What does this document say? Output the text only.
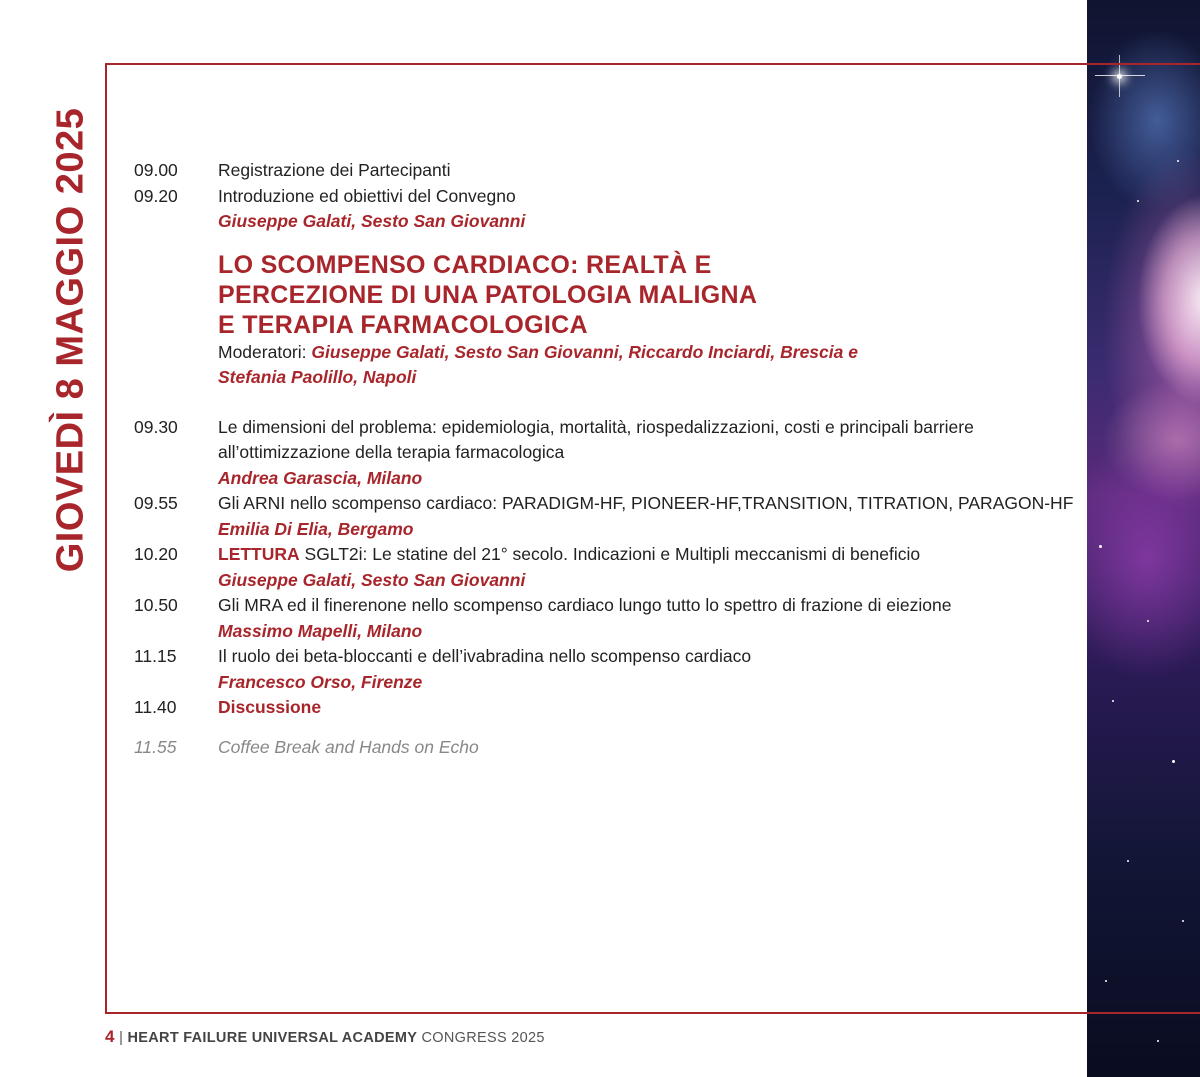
GIOVEDÌ 8 MAGGIO 2025 09.00	Registrazione dei Partecipanti
09.20	Introduzione ed obiettivi del Convegno
Giuseppe Galati, Sesto San Giovanni
LO SCOMPENSO CARDIACO: REALTÀ E
PERCEZIONE DI UNA PATOLOGIA MALIGNA
E TERAPIA FARMACOLOGICA
Moderatori: Giuseppe Galati, Sesto San Giovanni, Riccardo Inciardi, Brescia e
Stefania Paolillo, Napoli
09.30	Le dimensioni del problema: epidemiologia, mortalità, riospedalizzazioni, costi e principali barriere all’ottimizzazione della terapia farmacologica
Andrea Garascia, Milano
09.55	Gli ARNI nello scompenso cardiaco: PARADIGM-HF, PIONEER-HF,TRANSITION, TITRATION, PARAGON-HF
Emilia Di Elia, Bergamo
10.20	LETTURA SGLT2i: Le statine del 21° secolo. Indicazioni e Multipli meccanismi di beneficio
Giuseppe Galati, Sesto San Giovanni
10.50	Gli MRA ed il finerenone nello scompenso cardiaco lungo tutto lo spettro di frazione di eiezione
Massimo Mapelli, Milano
11.15	Il ruolo dei beta-bloccanti e dell’ivabradina nello scompenso cardiaco
Francesco Orso, Firenze
11.40	Discussione
11.55	Coffee Break and Hands on Echo
4 | HEART FAILURE UNIVERSAL ACADEMY CONGRESS 2025
